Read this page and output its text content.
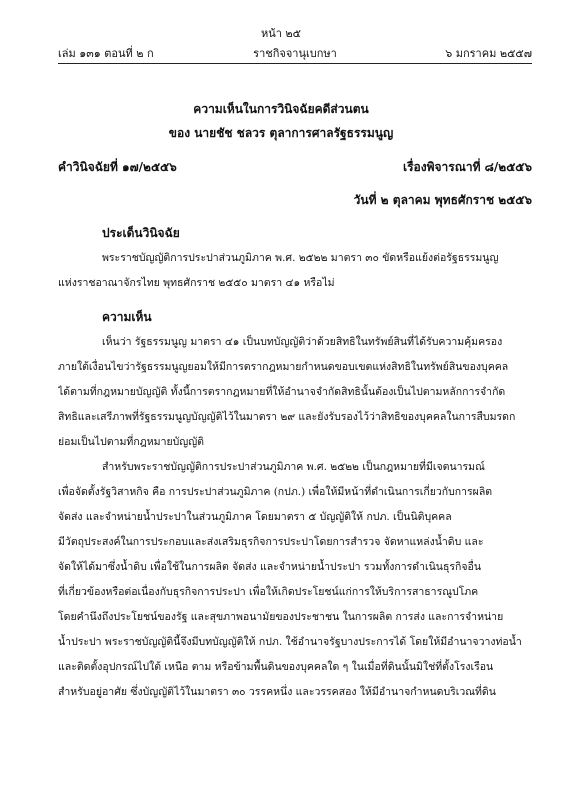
หน้า ๒๕
เล่ม ๑๓๑ ตอนที่ ๒ ก	ราชกิจจานุเบกษา	๖ มกราคม ๒๕๕๗
ความเห็นในการวินิจฉัยคดีส่วนตน
ของ นายชัช ชลวร ตุลาการศาลรัฐธรรมนูญ
คำวินิจฉัยที่ ๑๗/๒๕๕๖	เรื่องพิจารณาที่ ๘/๒๕๕๖
วันที่ ๒ ตุลาคม พุทธศักราช ๒๕๕๖
ประเด็นวินิจฉัย
พระราชบัญญัติการประปาส่วนภูมิภาค พ.ศ. ๒๕๒๒ มาตรา ๓๐ ขัดหรือแย้งต่อรัฐธรรมนูญ
แห่งราชอาณาจักรไทย พุทธศักราช ๒๕๕๐ มาตรา ๔๑ หรือไม่
ความเห็น
เห็นว่า รัฐธรรมนูญ มาตรา ๔๑ เป็นบทบัญญัติว่าด้วยสิทธิในทรัพย์สินที่ได้รับความคุ้มครอง
ภายใต้เงื่อนไขว่ารัฐธรรมนูญยอมให้มีการตรากฎหมายกำหนดขอบเขตแห่งสิทธิในทรัพย์สินของบุคคล
ได้ตามที่กฎหมายบัญญัติ ทั้งนี้การตรากฎหมายที่ให้อำนาจจำกัดสิทธินั้นต้องเป็นไปตามหลักการจำกัด
สิทธิและเสรีภาพที่รัฐธรรมนูญบัญญัติไว้ในมาตรา ๒๙ และยังรับรองไว้ว่าสิทธิของบุคคลในการสืบมรดก
ย่อมเป็นไปตามที่กฎหมายบัญญัติ
สำหรับพระราชบัญญัติการประปาส่วนภูมิภาค พ.ศ. ๒๕๒๒ เป็นกฎหมายที่มีเจตนารมณ์
เพื่อจัดตั้งรัฐวิสาหกิจ คือ การประปาส่วนภูมิภาค (กปภ.) เพื่อให้มีหน้าที่ดำเนินการเกี่ยวกับการผลิต
จัดส่ง และจำหน่ายน้ำประปาในส่วนภูมิภาค โดยมาตรา ๕ บัญญัติให้ กปภ. เป็นนิติบุคคล
มีวัตถุประสงค์ในการประกอบและส่งเสริมธุรกิจการประปาโดยการสำรวจ จัดหาแหล่งน้ำดิบ และ
จัดให้ได้มาซึ่งน้ำดิบ เพื่อใช้ในการผลิต จัดส่ง และจำหน่ายน้ำประปา รวมทั้งการดำเนินธุรกิจอื่น
ที่เกี่ยวข้องหรือต่อเนื่องกับธุรกิจการประปา เพื่อให้เกิดประโยชน์แก่การให้บริการสาธารณูปโภค
โดยคำนึงถึงประโยชน์ของรัฐ และสุขภาพอนามัยของประชาชน ในการผลิต การส่ง และการจำหน่าย
น้ำประปา พระราชบัญญัตินี้จึงมีบทบัญญัติให้ กปภ. ใช้อำนาจรัฐบางประการได้ โดยให้มีอำนาจวางท่อน้ำ
และติดตั้งอุปกรณ์ไปใต้ เหนือ ตาม หรือข้ามพื้นดินของบุคคลใด ๆ ในเมื่อที่ดินนั้นมิใช่ที่ตั้งโรงเรือน
สำหรับอยู่อาศัย ซึ่งบัญญัติไว้ในมาตรา ๓๐ วรรคหนึ่ง และวรรคสอง ให้มีอำนาจกำหนดบริเวณที่ดิน
